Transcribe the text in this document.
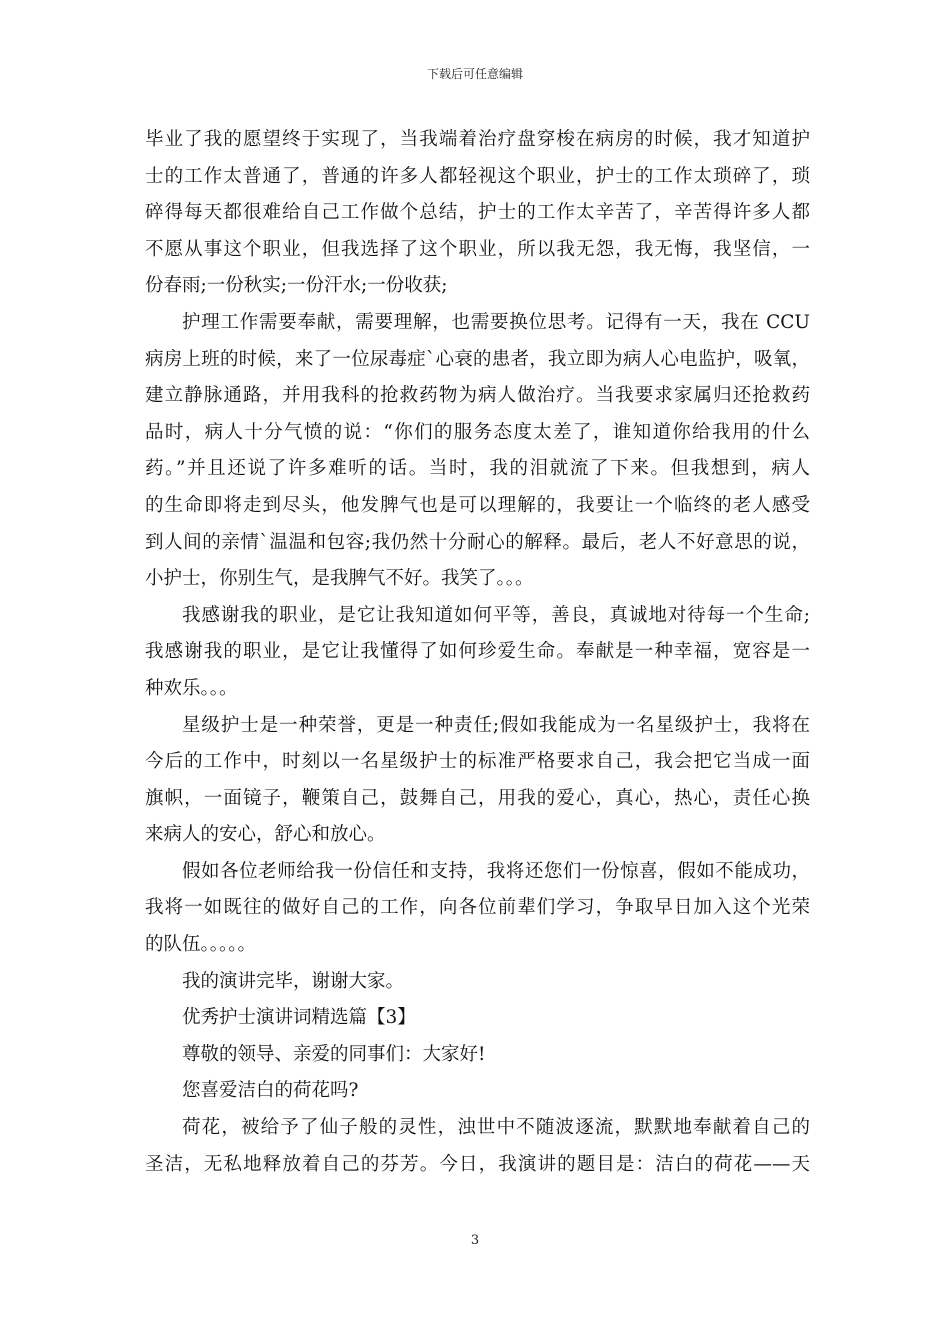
下载后可任意编辑
毕业了我的愿望终于实现了，当我端着治疗盘穿梭在病房的时候，我才知道护
士的工作太普通了，普通的许多人都轻视这个职业，护士的工作太琐碎了，琐
碎得每天都很难给自己工作做个总结，护士的工作太辛苦了，辛苦得许多人都
不愿从事这个职业，但我选择了这个职业，所以我无怨，我无悔，我坚信，一
份春雨;一份秋实;一份汗水;一份收获;
护理工作需要奉献，需要理解，也需要换位思考。记得有一天，我在 CCU
病房上班的时候，来了一位尿毒症`心衰的患者，我立即为病人心电监护，吸氧，
建立静脉通路，并用我科的抢救药物为病人做治疗。当我要求家属归还抢救药
品时，病人十分气愤的说：“你们的服务态度太差了，谁知道你给我用的什么
药。”并且还说了许多难听的话。当时，我的泪就流了下来。但我想到，病人
的生命即将走到尽头，他发脾气也是可以理解的，我要让一个临终的老人感受
到人间的亲情`温温和包容;我仍然十分耐心的解释。最后，老人不好意思的说，
小护士，你别生气，是我脾气不好。我笑了。。。
我感谢我的职业，是它让我知道如何平等，善良，真诚地对待每一个生命;
我感谢我的职业，是它让我懂得了如何珍爱生命。奉献是一种幸福，宽容是一
种欢乐。。。
星级护士是一种荣誉，更是一种责任;假如我能成为一名星级护士，我将在
今后的工作中，时刻以一名星级护士的标准严格要求自己，我会把它当成一面
旗帜，一面镜子，鞭策自己，鼓舞自己，用我的爱心，真心，热心，责任心换
来病人的安心，舒心和放心。
假如各位老师给我一份信任和支持，我将还您们一份惊喜，假如不能成功，
我将一如既往的做好自己的工作，向各位前辈们学习，争取早日加入这个光荣
的队伍。。。。。
我的演讲完毕，谢谢大家。
优秀护士演讲词精选篇【3】
尊敬的领导、亲爱的同事们：大家好!
您喜爱洁白的荷花吗?
荷花，被给予了仙子般的灵性，浊世中不随波逐流，默默地奉献着自己的
圣洁，无私地释放着自己的芬芳。今日，我演讲的题目是：洁白的荷花——天
3
